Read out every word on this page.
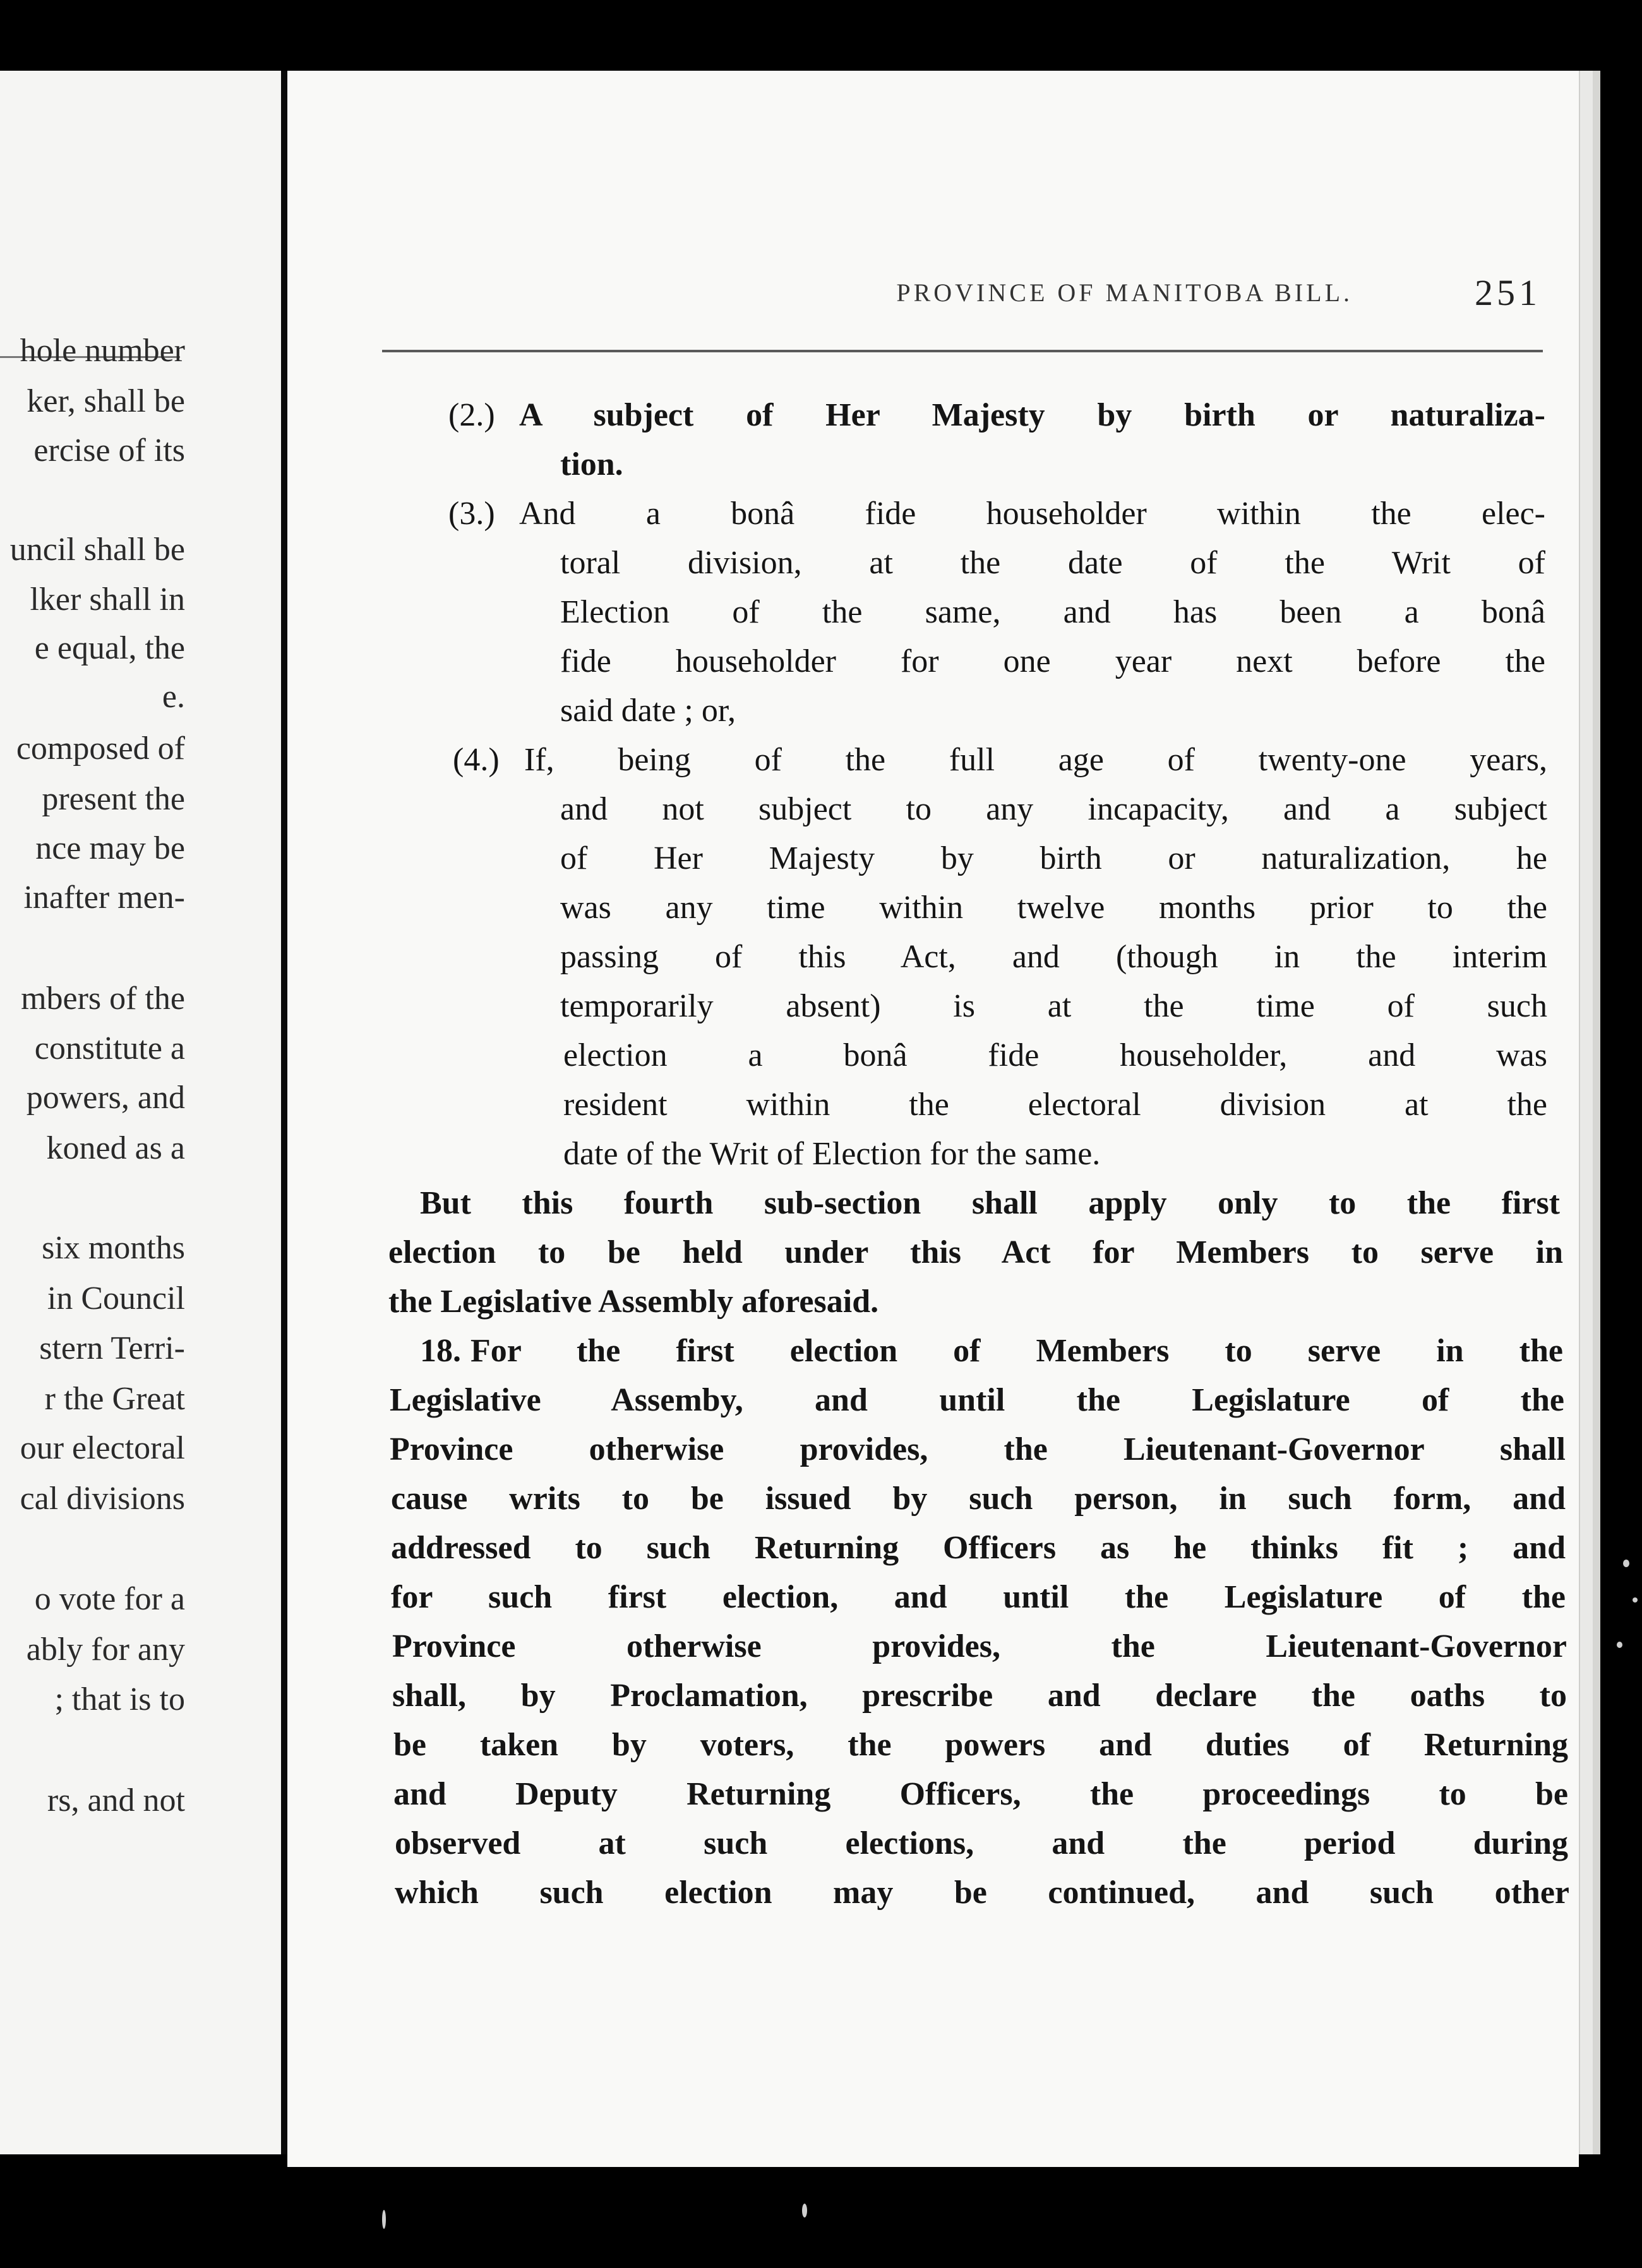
hole number
ker, shall be
ercise of its
uncil shall be
lker shall in
e equal, the
e.
composed of
present the
nce may be
inafter men-
mbers of the
constitute a
powers, and
koned as a
six months
in Council
stern Terri-
r the Great
our electoral
cal divisions
o vote for a
ably for any
; that is to
rs, and not
PROVINCE OF MANITOBA BILL.	251
(2.) A subject of Her Majesty by birth or naturaliza-
tion.
(3.) And a bonâ fide householder within the elec-
toral division, at the date of the Writ of
Election of the same, and has been a bonâ
fide householder for one year next before the
said date ; or,
(4.) If, being of the full age of twenty-one years,
and not subject to any incapacity, and a subject
of Her Majesty by birth or naturalization, he
was any time within twelve months prior to the
passing of this Act, and (though in the interim
temporarily absent) is at the time of such
election a bonâ fide householder, and was
resident within the electoral division at the
date of the Writ of Election for the same.
But this fourth sub-section shall apply only to the first
election to be held under this Act for Members to serve in
the Legislative Assembly aforesaid.
18. For the first election of Members to serve in the
Legislative Assemby, and until the Legislature of the
Province otherwise provides, the Lieutenant-Governor shall
cause writs to be issued by such person, in such form, and
addressed to such Returning Officers as he thinks fit ; and
for such first election, and until the Legislature of the
Province otherwise provides, the Lieutenant-Governor
shall, by Proclamation, prescribe and declare the oaths to
be taken by voters, the powers and duties of Returning
and Deputy Returning Officers, the proceedings to be
observed at such elections, and the period during
which such election may be continued, and such other
